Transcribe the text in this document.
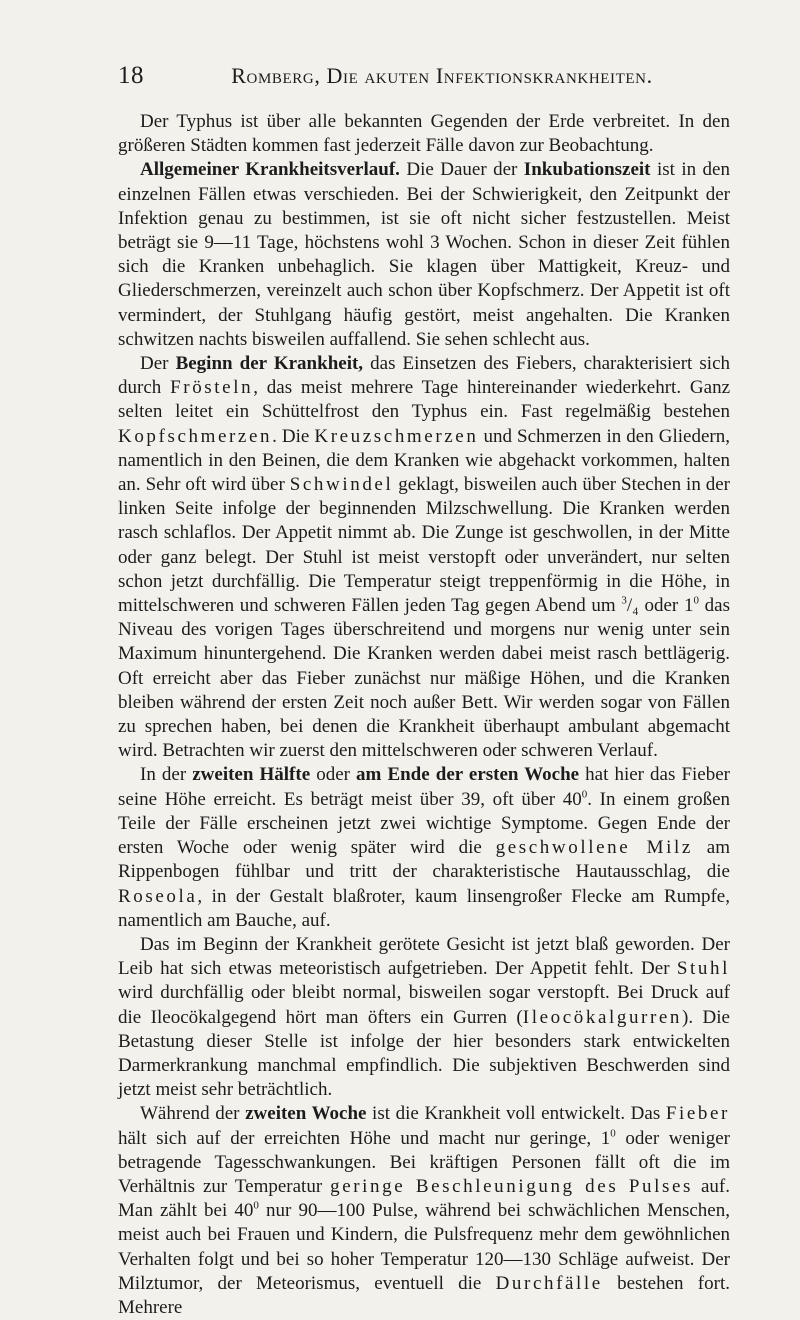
18	Romberg, Die akuten Infektionskrankheiten.

Der Typhus ist über alle bekannten Gegenden der Erde verbreitet. In den größeren Städten kommen fast jederzeit Fälle davon zur Beobachtung.

Allgemeiner Krankheitsverlauf. Die Dauer der Inkubationszeit ist in den einzelnen Fällen etwas verschieden. Bei der Schwierigkeit, den Zeitpunkt der Infektion genau zu bestimmen, ist sie oft nicht sicher festzustellen. Meist beträgt sie 9—11 Tage, höchstens wohl 3 Wochen. Schon in dieser Zeit fühlen sich die Kranken unbehaglich. Sie klagen über Mattigkeit, Kreuz- und Gliederschmerzen, vereinzelt auch schon über Kopfschmerz. Der Appetit ist oft vermindert, der Stuhlgang häufig gestört, meist angehalten. Die Kranken schwitzen nachts bisweilen auffallend. Sie sehen schlecht aus.

Der Beginn der Krankheit, das Einsetzen des Fiebers, charakterisiert sich durch Frösteln, das meist mehrere Tage hintereinander wiederkehrt. Ganz selten leitet ein Schüttelfrost den Typhus ein. Fast regelmäßig bestehen Kopfschmerzen. Die Kreuzschmerzen und Schmerzen in den Gliedern, namentlich in den Beinen, die dem Kranken wie abgehackt vorkommen, halten an. Sehr oft wird über Schwindel geklagt, bisweilen auch über Stechen in der linken Seite infolge der beginnenden Milzschwellung. Die Kranken werden rasch schlaflos. Der Appetit nimmt ab. Die Zunge ist geschwollen, in der Mitte oder ganz belegt. Der Stuhl ist meist verstopft oder unverändert, nur selten schon jetzt durchfällig. Die Temperatur steigt treppenförmig in die Höhe, in mittelschweren und schweren Fällen jeden Tag gegen Abend um $^3$/₄ oder $1^0$ das Niveau des vorigen Tages überschreitend und morgens nur wenig unter sein Maximum hinuntergehend. Die Kranken werden dabei meist rasch bettlägerig. Oft erreicht aber das Fieber zunächst nur mäßige Höhen, und die Kranken bleiben während der ersten Zeit noch außer Bett. Wir werden sogar von Fällen zu sprechen haben, bei denen die Krankheit überhaupt ambulant abgemacht wird. Betrachten wir zuerst den mittelschweren oder schweren Verlauf.

In der zweiten Hälfte oder am Ende der ersten Woche hat hier das Fieber seine Höhe erreicht. Es beträgt meist über 39, oft über $40^0$. In einem großen Teile der Fälle erscheinen jetzt zwei wichtige Symptome. Gegen Ende der ersten Woche oder wenig später wird die geschwollene Milz am Rippenbogen fühlbar und tritt der charakteristische Hautausschlag, die Roseola, in der Gestalt blaßroter, kaum linsengroßer Flecke am Rumpfe, namentlich am Bauche, auf.

Das im Beginn der Krankheit gerötete Gesicht ist jetzt blaß geworden. Der Leib hat sich etwas meteoristisch aufgetrieben. Der Appetit fehlt. Der Stuhl wird durchfällig oder bleibt normal, bisweilen sogar verstopft. Bei Druck auf die Ileocökalgegend hört man öfters ein Gurren (Ileocökalgurren). Die Betastung dieser Stelle ist infolge der hier besonders stark entwickelten Darmerkrankung manchmal empfindlich. Die subjektiven Beschwerden sind jetzt meist sehr beträchtlich.

Während der zweiten Woche ist die Krankheit voll entwickelt. Das Fieber hält sich auf der erreichten Höhe und macht nur geringe, $1^0$ oder weniger betragende Tagesschwankungen. Bei kräftigen Personen fällt oft die im Verhältnis zur Temperatur geringe Beschleunigung des Pulses auf. Man zählt bei $40^0$ nur 90—100 Pulse, während bei schwächlichen Menschen, meist auch bei Frauen und Kindern, die Pulsfrequenz mehr dem gewöhnlichen Verhalten folgt und bei so hoher Temperatur 120—130 Schläge aufweist. Der Milztumor, der Meteorismus, eventuell die Durchfälle bestehen fort. Mehrere
